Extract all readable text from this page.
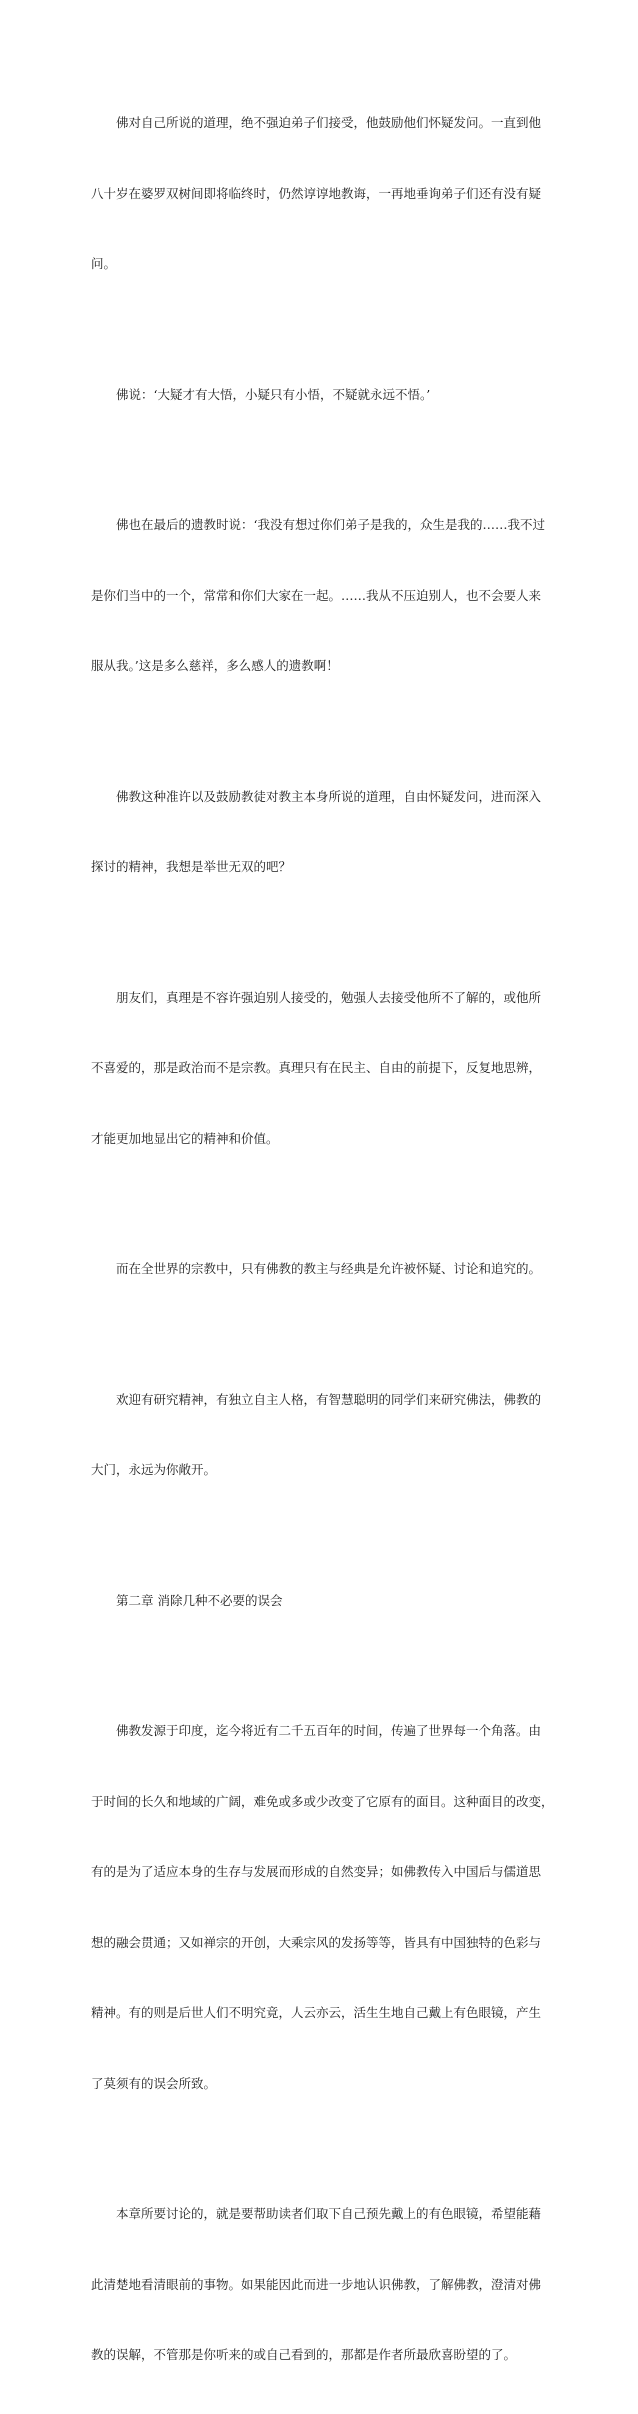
佛对自己所说的道理，绝不强迫弟子们接受，他鼓励他们怀疑发问。一直到他

八十岁在婆罗双树间即将临终时，仍然谆谆地教诲，一再地垂询弟子们还有没有疑

问。

佛说：‘大疑才有大悟，小疑只有小悟，不疑就永远不悟。’

佛也在最后的遗教时说：‘我没有想过你们弟子是我的，众生是我的……我不过

是你们当中的一个，常常和你们大家在一起。……我从不压迫别人，也不会要人来

服从我。’这是多么慈祥，多么感人的遗教啊！

佛教这种准许以及鼓励教徒对教主本身所说的道理，自由怀疑发问，进而深入

探讨的精神，我想是举世无双的吧？

朋友们，真理是不容许强迫别人接受的，勉强人去接受他所不了解的，或他所

不喜爱的，那是政治而不是宗教。真理只有在民主、自由的前提下，反复地思辨，

才能更加地显出它的精神和价值。

而在全世界的宗教中，只有佛教的教主与经典是允许被怀疑、讨论和追究的。

欢迎有研究精神，有独立自主人格，有智慧聪明的同学们来研究佛法，佛教的

大门，永远为你敞开。

第二章 消除几种不必要的误会

佛教发源于印度，迄今将近有二千五百年的时间，传遍了世界每一个角落。由

于时间的长久和地域的广阔，难免或多或少改变了它原有的面目。这种面目的改变，

有的是为了适应本身的生存与发展而形成的自然变异；如佛教传入中国后与儒道思

想的融会贯通；又如禅宗的开创，大乘宗风的发扬等等，皆具有中国独特的色彩与

精神。有的则是后世人们不明究竟，人云亦云，活生生地自己戴上有色眼镜，产生

了莫须有的误会所致。

本章所要讨论的，就是要帮助读者们取下自己预先戴上的有色眼镜，希望能藉

此清楚地看清眼前的事物。如果能因此而进一步地认识佛教，了解佛教，澄清对佛

教的误解，不管那是你听来的或自己看到的，那都是作者所最欣喜盼望的了。
